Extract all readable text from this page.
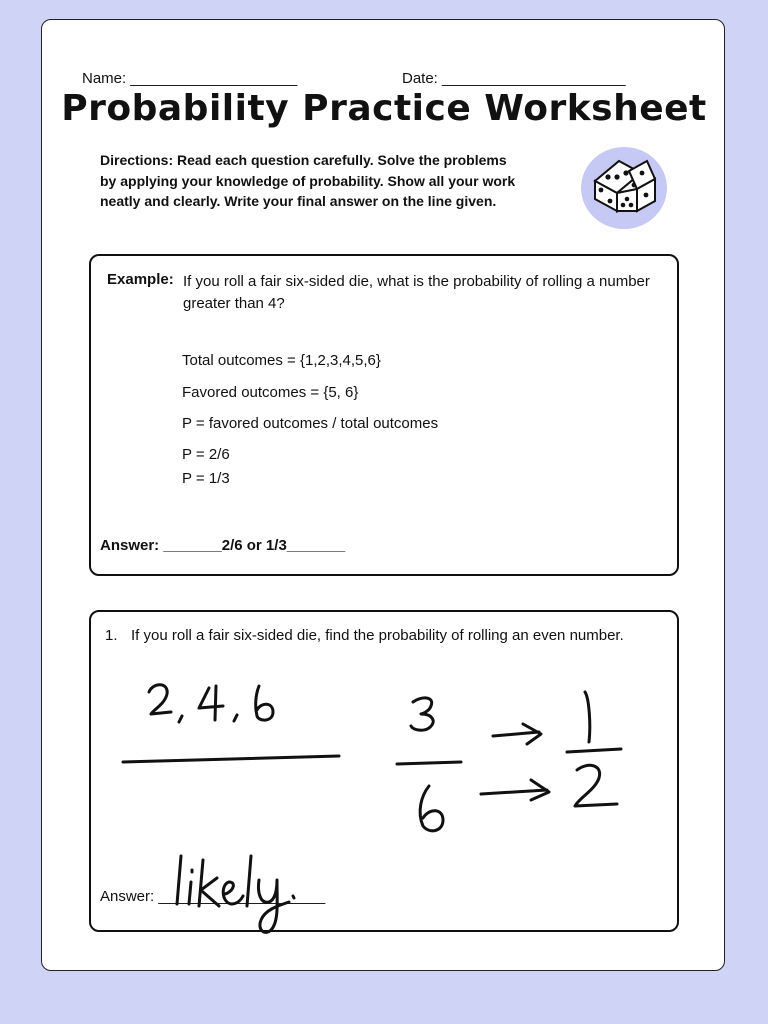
Name: ____________________	Date: ______________________
Probability Practice Worksheet
Directions: Read each question carefully. Solve the problems by applying your knowledge of probability. Show all your work neatly and clearly. Write your final answer on the line given.
Example: If you roll a fair six-sided die, what is the probability of rolling a number greater than 4?
Total outcomes = {1,2,3,4,5,6}
Favored outcomes = {5, 6}
P = favored outcomes / total outcomes
P = 2/6
P = 1/3
Answer: _______2/6 or 1/3_______
1. If you roll a fair six-sided die, find the probability of rolling an even number.
Answer: ____________________
